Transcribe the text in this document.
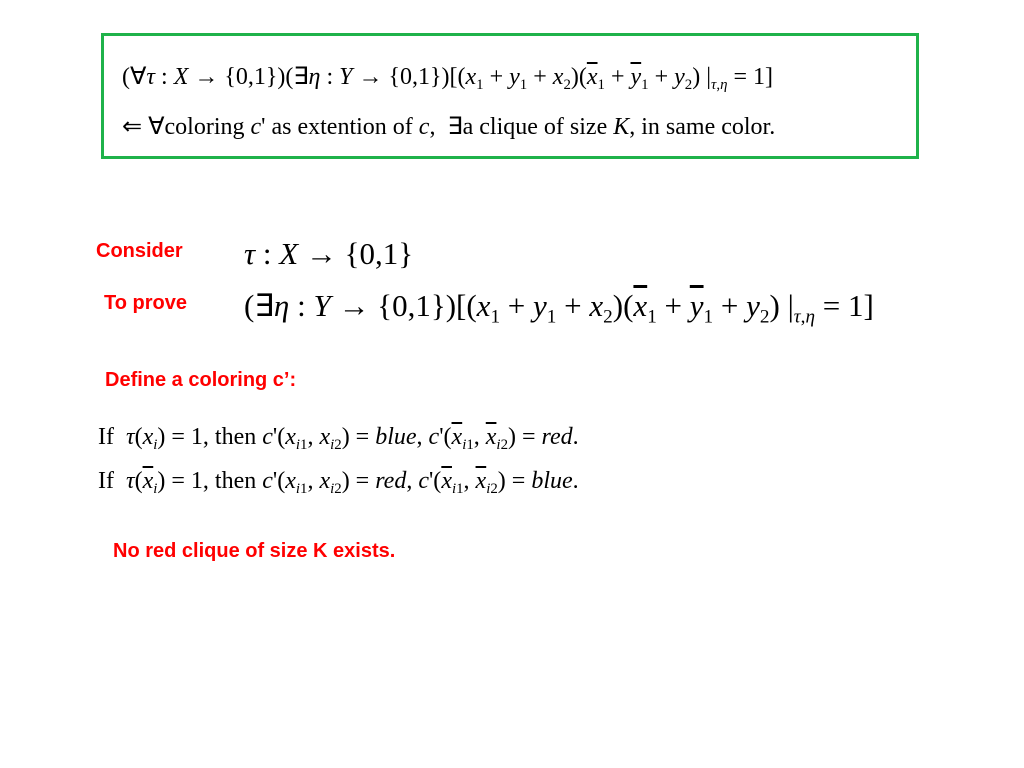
(∀τ : X → {0,1})(∃η : $Y \to \{0,1\})[(x_1 + y_1 + x_2)(\overline{x}_1 + \overline{y}_1 + y_2)$ $|_{\tau,\eta} = 1$]
⇐ ∀coloring c' as extention of c,  ∃a clique of size K, in same color.
Consider τ : X → {0,1}
To prove (∃η : $Y \to \{0,1\})[(x_1 + y_1 + x_2)(\overline{x}_1 + \overline{y}_1 + y_2)$ $|_{\tau,\eta} = 1$]
Define a coloring c’:
If  $\tau(x_i) = 1$, then $c'(x_{i1}$, $x_{i2}$) = blue, $c'(\overline{x}_{i1}$, $\overline{x}_{i2}$) = red.
If  $\tau(\overline{x}_i) = 1$, then $c'(x_{i1}$, $x_{i2}$) = red, $c'(\overline{x}_{i1}$, $\overline{x}_{i2}$) = blue.
No red clique of size K exists.
